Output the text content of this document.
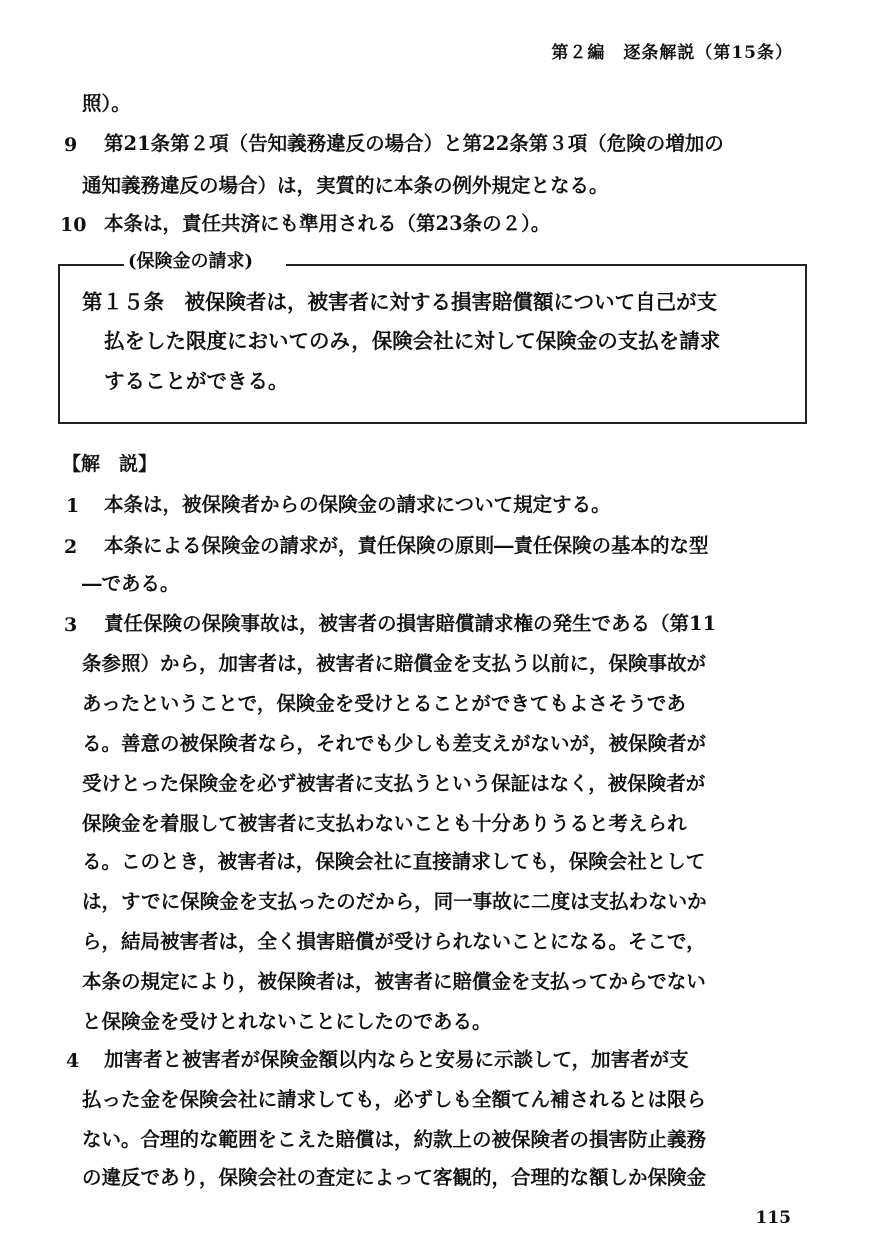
第２編　逐条解説（第15条）
照）。
9 第21条第２項（告知義務違反の場合）と第22条第３項（危険の増加の
通知義務違反の場合）は，実質的に本条の例外規定となる。
10 本条は，責任共済にも準用される（第23条の２）。
(保険金の請求)
第１５条　被保険者は，被害者に対する損害賠償額について自己が支
払をした限度においてのみ，保険会社に対して保険金の支払を請求
することができる。
【解　説】
1 本条は，被保険者からの保険金の請求について規定する。
2 本条による保険金の請求が，責任保険の原則―責任保険の基本的な型
―である。
3 責任保険の保険事故は，被害者の損害賠償請求権の発生である（第11
条参照）から，加害者は，被害者に賠償金を支払う以前に，保険事故が
あったということで，保険金を受けとることができてもよさそうであ
る。善意の被保険者なら，それでも少しも差支えがないが，被保険者が
受けとった保険金を必ず被害者に支払うという保証はなく，被保険者が
保険金を着服して被害者に支払わないことも十分ありうると考えられ
る。このとき，被害者は，保険会社に直接請求しても，保険会社として
は，すでに保険金を支払ったのだから，同一事故に二度は支払わないか
ら，結局被害者は，全く損害賠償が受けられないことになる。そこで，
本条の規定により，被保険者は，被害者に賠償金を支払ってからでない
と保険金を受けとれないことにしたのである。
4 加害者と被害者が保険金額以内ならと安易に示談して，加害者が支
払った金を保険会社に請求しても，必ずしも全額てん補されるとは限ら
ない。合理的な範囲をこえた賠償は，約款上の被保険者の損害防止義務
の違反であり，保険会社の査定によって客観的，合理的な額しか保険金
115
